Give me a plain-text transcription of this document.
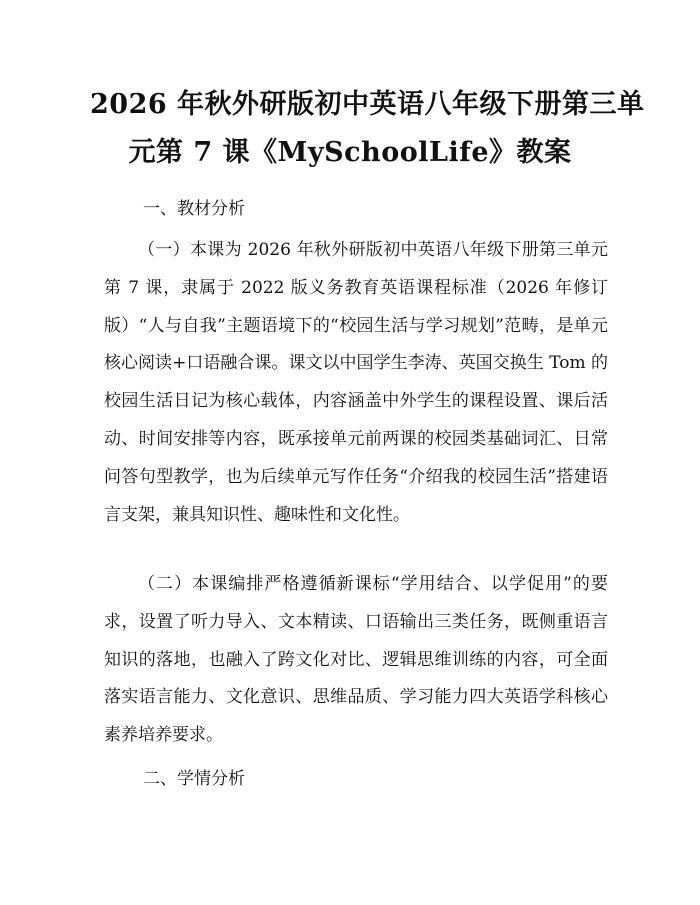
2026 年秋外研版初中英语八年级下册第三单
元第 7 课《MySchoolLife》教案
一、教材分析

（一）本课为 2026 年秋外研版初中英语八年级下册第三单元第 7 课，隶属于 2022 版义务教育英语课程标准（2026 年修订版）“人与自我”主题语境下的“校园生活与学习规划”范畴，是单元核心阅读+口语融合课。课文以中国学生李涛、英国交换生 Tom 的校园生活日记为核心载体，内容涵盖中外学生的课程设置、课后活动、时间安排等内容，既承接单元前两课的校园类基础词汇、日常问答句型教学，也为后续单元写作任务“介绍我的校园生活”搭建语言支架，兼具知识性、趣味性和文化性。

（二）本课编排严格遵循新课标“学用结合、以学促用”的要求，设置了听力导入、文本精读、口语输出三类任务，既侧重语言知识的落地，也融入了跨文化对比、逻辑思维训练的内容，可全面落实语言能力、文化意识、思维品质、学习能力四大英语学科核心素养培养要求。

二、学情分析
